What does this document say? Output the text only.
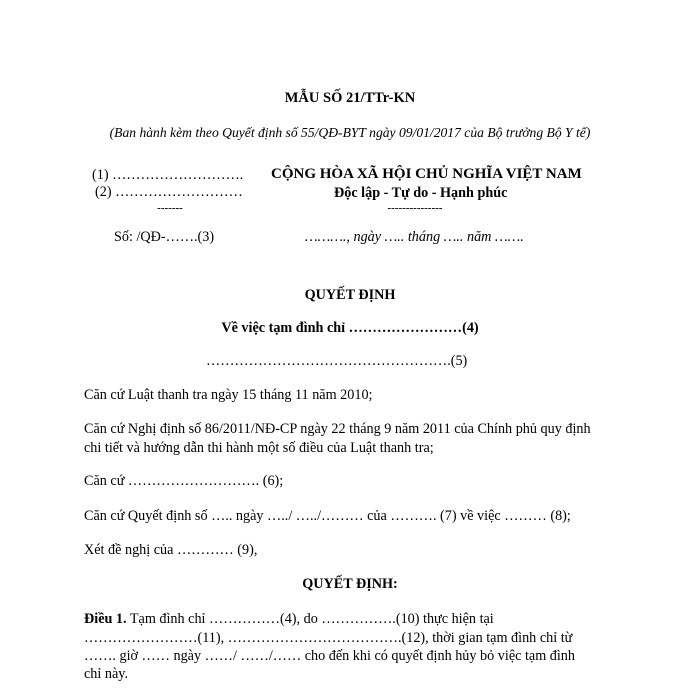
MẪU SỐ 21/TTr-KN
(Ban hành kèm theo Quyết định số 55/QĐ-BYT ngày 09/01/2017 của Bộ trưởng Bộ Y tế)
(1) ……………………….
(2) ………………………
-------
Số: /QĐ-…….(3)
CỘNG HÒA XÃ HỘI CHỦ NGHĨA VIỆT NAM
Độc lập - Tự do - Hạnh phúc
---------------
………., ngày ….. tháng ….. năm …….
QUYẾT ĐỊNH
Về việc tạm đình chỉ ……………………(4)
…………………………………………….(5)
Căn cứ Luật thanh tra ngày 15 tháng 11 năm 2010;
Căn cứ Nghị định số 86/2011/NĐ-CP ngày 22 tháng 9 năm 2011 của Chính phủ quy định
chi tiết và hướng dẫn thi hành một số điều của Luật thanh tra;
Căn cứ ………………………. (6);
Căn cứ Quyết định số ….. ngày …../ …../……… của ………. (7) về việc ……… (8);
Xét đề nghị của ………… (9),
QUYẾT ĐỊNH:
Điều 1. Tạm đình chỉ ……………(4), do …………….(10) thực hiện tại
……………………(11), ……………………………….(12), thời gian tạm đình chỉ từ
……. giờ …… ngày ……/ ……/…… cho đến khi có quyết định hủy bỏ việc tạm đình
chỉ này.
